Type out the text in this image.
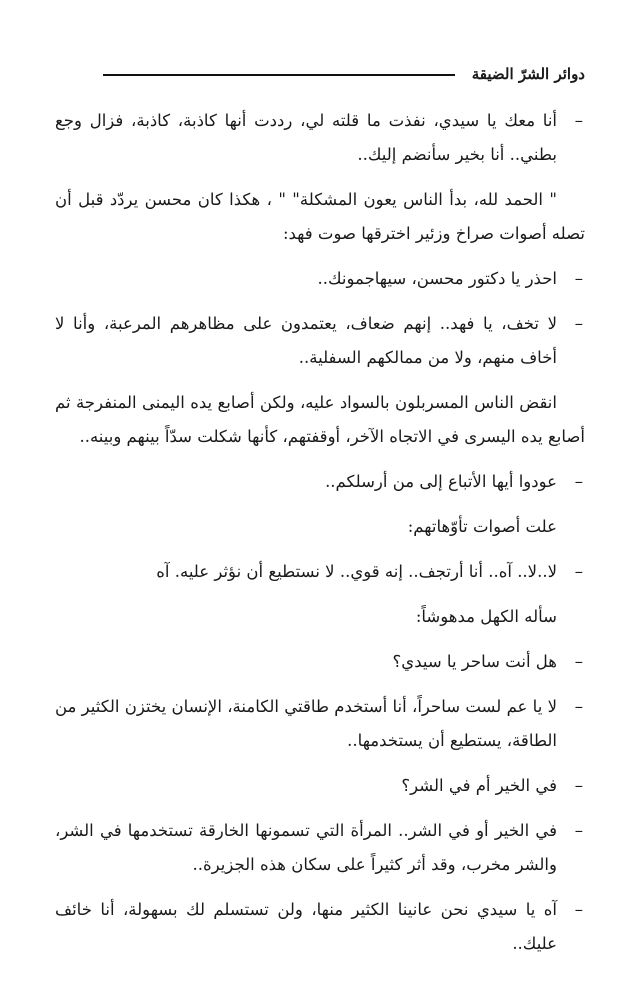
دوائر الشرّ الضيقة

–
أنا معك يا سيدي، نفذت ما قلته لي، رددت أنها كاذبة، كاذبة، فزال وجع بطني.. أنا بخير سأنضم إليك..

" الحمد لله، بدأ الناس يعون المشكلة" " ، هكذا كان محسن يردّد قبل أن تصله أصوات صراخ وزئير اخترقها صوت فهد:

–
احذر يا دكتور محسن، سيهاجمونك..

–
لا تخف، يا فهد.. إنهم ضعاف، يعتمدون على مظاهرهم المرعبة، وأنا لا أخاف منهم، ولا من ممالكهم السفلية..

انقض الناس المسربلون بالسواد عليه، ولكن أصابع يده اليمنى المنفرجة ثم أصابع يده اليسرى في الاتجاه الآخر، أوقفتهم، كأنها شكلت سدّاً بينهم وبينه..

–
عودوا أيها الأتباع إلى من أرسلكم..

علت أصوات تأوّهاتهم:

–
لا..لا.. آه.. أنا أرتجف.. إنه قوي.. لا نستطيع أن نؤثر عليه. آه

سأله الكهل مدهوشاً:

–
هل أنت ساحر يا سيدي؟

–
لا يا عم لست ساحراً، أنا أستخدم طاقتي الكامنة، الإنسان يختزن الكثير من الطاقة، يستطيع أن يستخدمها..

–
في الخير أم في الشر؟

–
في الخير أو في الشر.. المرأة التي تسمونها الخارقة تستخدمها في الشر، والشر مخرب، وقد أثر كثيراً على سكان هذه الجزيرة..

–
آه يا سيدي نحن عانينا الكثير منها، ولن تستسلم لك بسهولة، أنا خائف عليك..
